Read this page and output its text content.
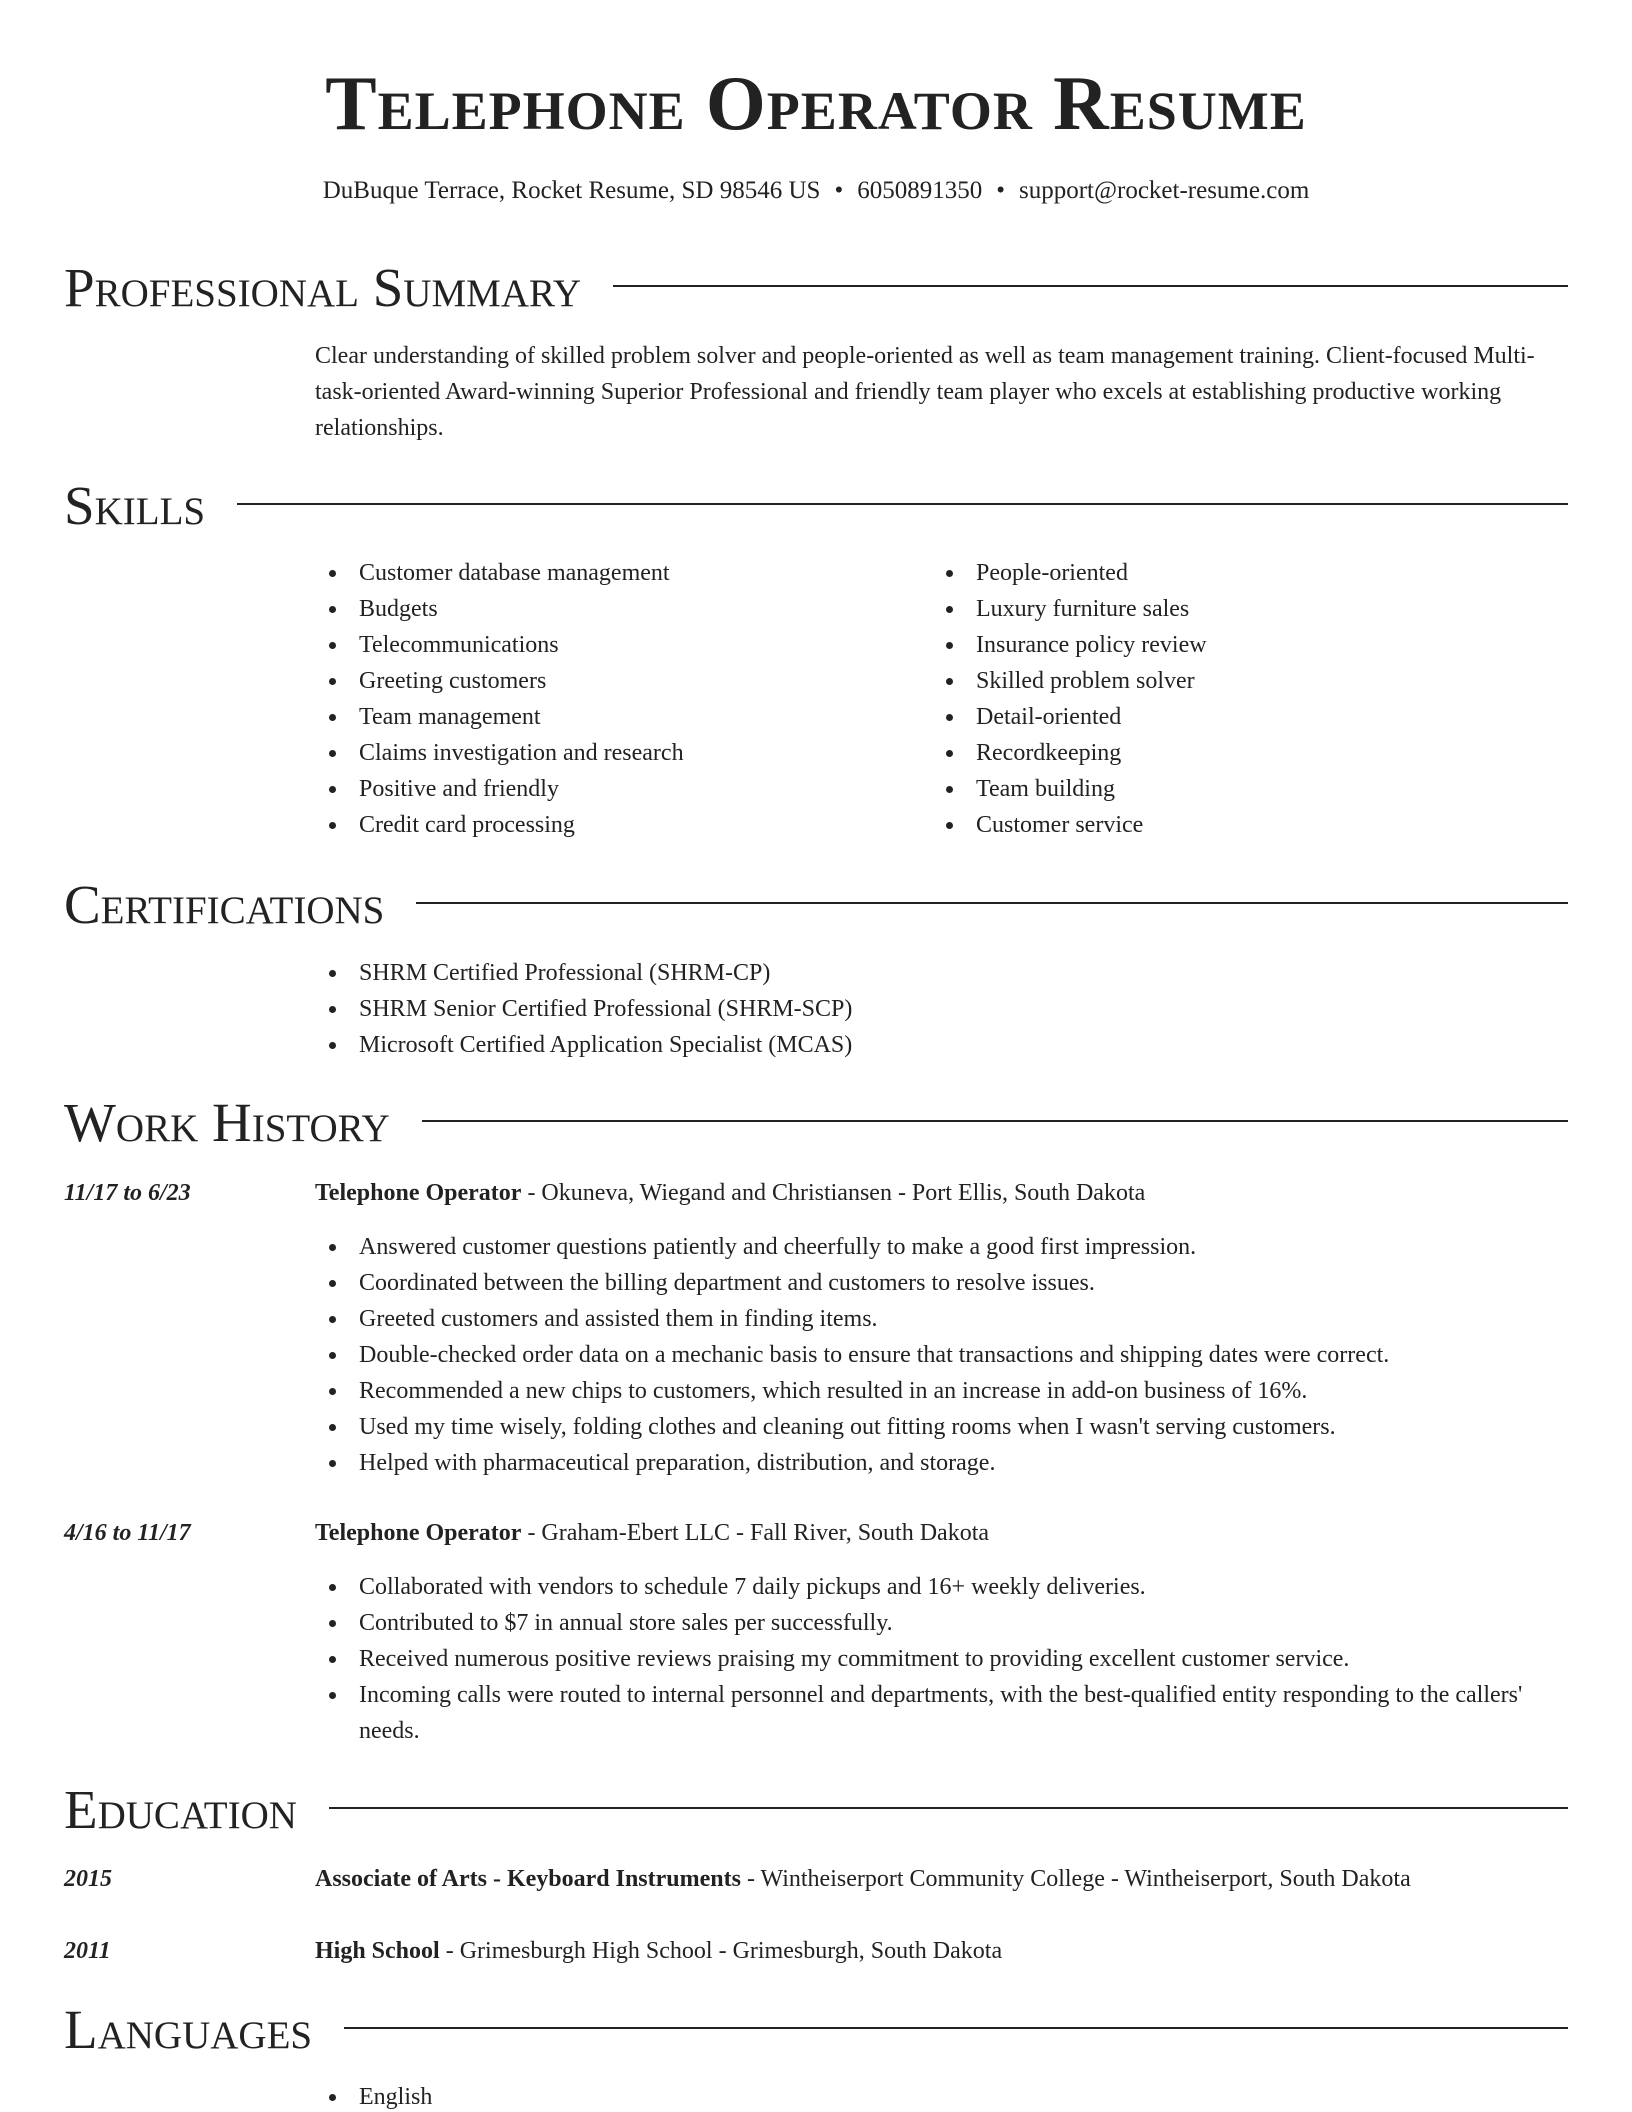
Telephone Operator Resume
DuBuque Terrace, Rocket Resume, SD 98546 US • 6050891350 • support@rocket-resume.com
Professional Summary

Clear understanding of skilled problem solver and people-oriented as well as team management training. Client-focused Multi-task-oriented Award-winning Superior Professional and friendly team player who excels at establishing productive working relationships.

Skills
Customer database management
Budgets
Telecommunications
Greeting customers
Team management
Claims investigation and research
Positive and friendly
Credit card processing
People-oriented
Luxury furniture sales
Insurance policy review
Skilled problem solver
Detail-oriented
Recordkeeping
Team building
Customer service
Certifications
SHRM Certified Professional (SHRM-CP)
SHRM Senior Certified Professional (SHRM-SCP)
Microsoft Certified Application Specialist (MCAS)
Work History
11/17 to 6/23	Telephone Operator - Okuneva, Wiegand and Christiansen - Port Ellis, South Dakota
Answered customer questions patiently and cheerfully to make a good first impression.
Coordinated between the billing department and customers to resolve issues.
Greeted customers and assisted them in finding items.
Double-checked order data on a mechanic basis to ensure that transactions and shipping dates were correct.
Recommended a new chips to customers, which resulted in an increase in add-on business of 16%.
Used my time wisely, folding clothes and cleaning out fitting rooms when I wasn't serving customers.
Helped with pharmaceutical preparation, distribution, and storage.
4/16 to 11/17	Telephone Operator - Graham-Ebert LLC - Fall River, South Dakota
Collaborated with vendors to schedule 7 daily pickups and 16+ weekly deliveries.
Contributed to $7 in annual store sales per successfully.
Received numerous positive reviews praising my commitment to providing excellent customer service.
Incoming calls were routed to internal personnel and departments, with the best-qualified entity responding to the callers' needs.
Education
2015	Associate of Arts - Keyboard Instruments - Wintheiserport Community College - Wintheiserport, South Dakota
2011	High School - Grimesburgh High School - Grimesburgh, South Dakota
Languages
English
